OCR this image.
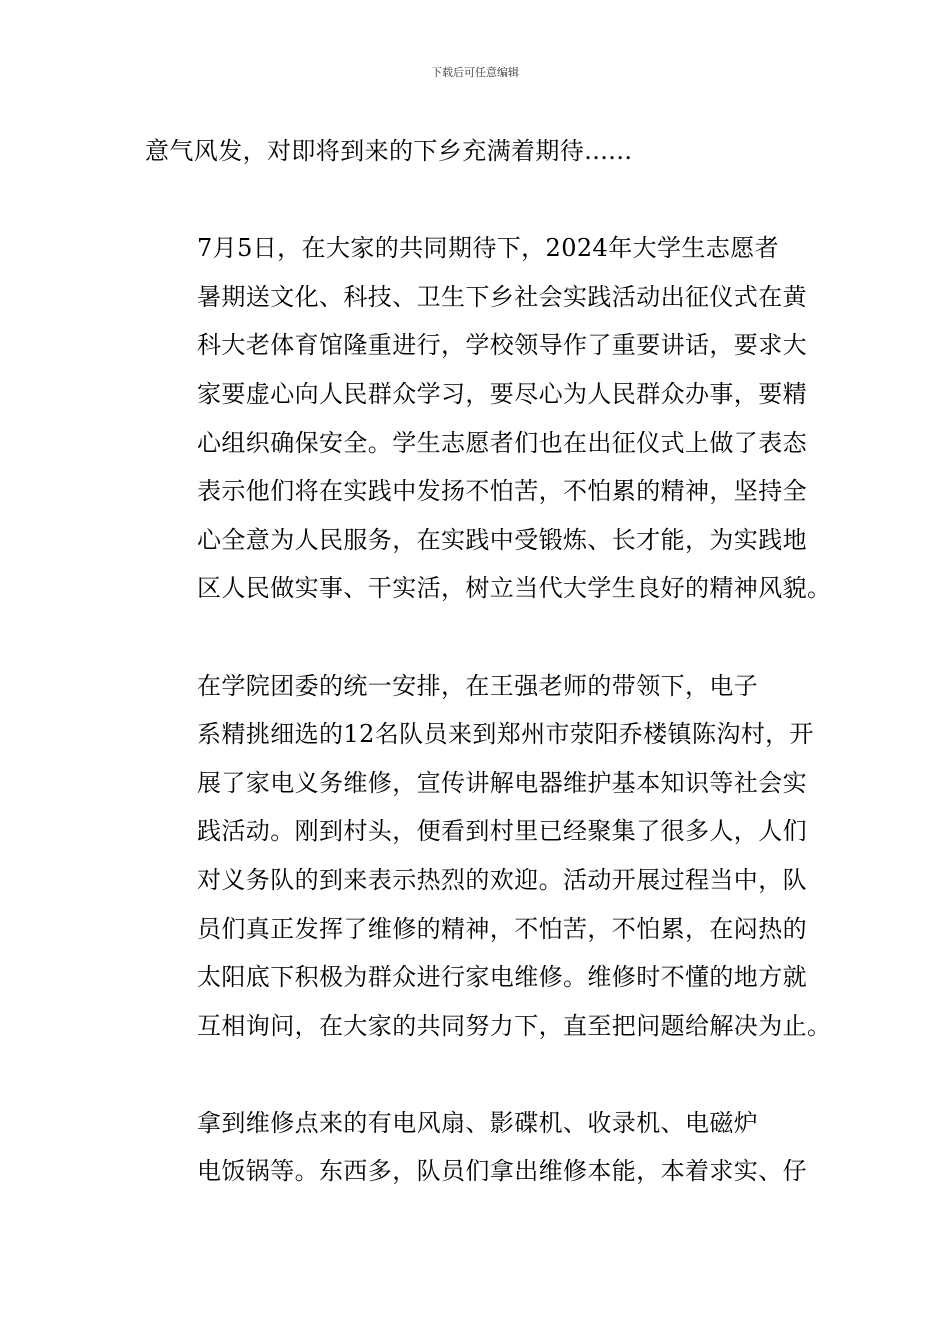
下载后可任意编辑

意气风发，对即将到来的下乡充满着期待......

7月5日，在大家的共同期待下，2024年大学生志愿者
暑期送文化、科技、卫生下乡社会实践活动出征仪式在黄
科大老体育馆隆重进行，学校领导作了重要讲话，要求大
家要虚心向人民群众学习，要尽心为人民群众办事，要精
心组织确保安全。学生志愿者们也在出征仪式上做了表态
表示他们将在实践中发扬不怕苦，不怕累的精神，坚持全
心全意为人民服务，在实践中受锻炼、长才能，为实践地
区人民做实事、干实活，树立当代大学生良好的精神风貌。

在学院团委的统一安排，在王强老师的带领下，电子
系精挑细选的12名队员来到郑州市荥阳乔楼镇陈沟村，开
展了家电义务维修，宣传讲解电器维护基本知识等社会实
践活动。刚到村头，便看到村里已经聚集了很多人，人们
对义务队的到来表示热烈的欢迎。活动开展过程当中，队
员们真正发挥了维修的精神，不怕苦，不怕累，在闷热的
太阳底下积极为群众进行家电维修。维修时不懂的地方就
互相询问，在大家的共同努力下，直至把问题给解决为止。

拿到维修点来的有电风扇、影碟机、收录机、电磁炉
电饭锅等。东西多，队员们拿出维修本能，本着求实、仔
